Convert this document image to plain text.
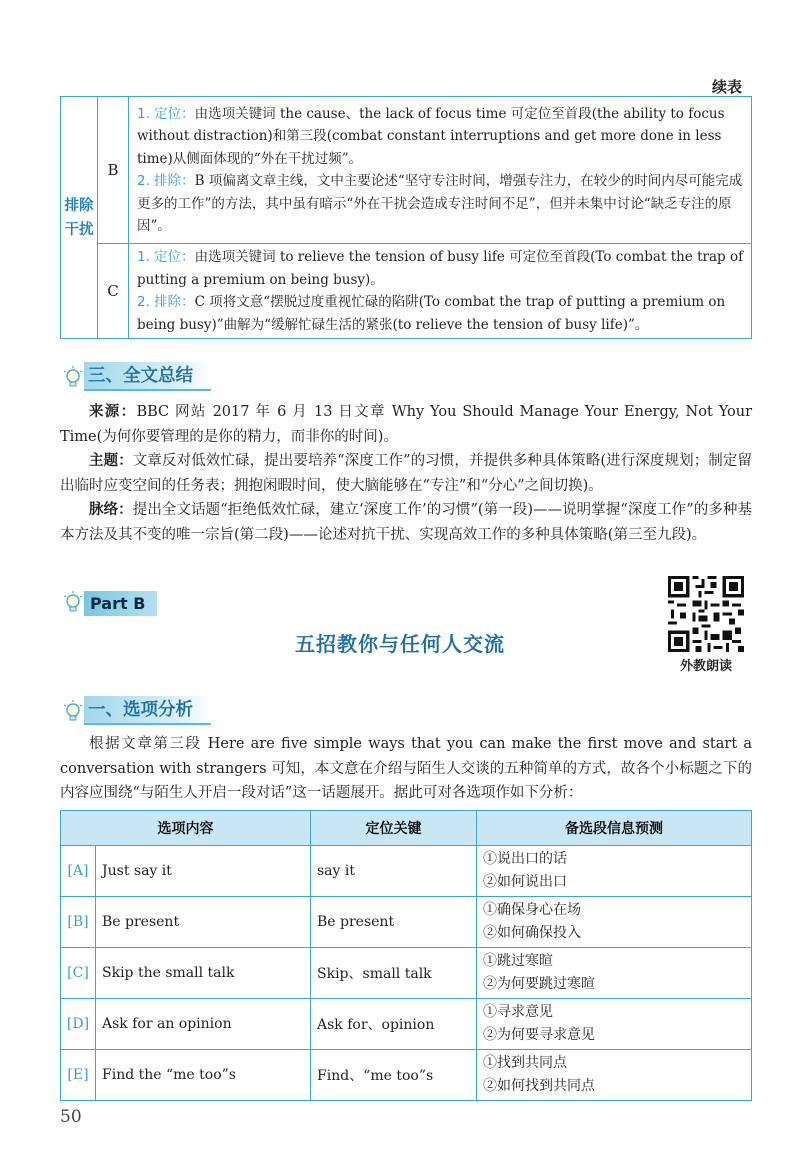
续表
排除
干扰	B	1. 定位：由选项关键词 the cause、the lack of focus time 可定位至首段(the ability to focus without distraction)和第三段(combat constant interruptions and get more done in less time)从侧面体现的“外在干扰过频”。
2. 排除：B 项偏离文章主线，文中主要论述“坚守专注时间，增强专注力，在较少的时间内尽可能完成更多的工作”的方法，其中虽有暗示“外在干扰会造成专注时间不足”，但并未集中讨论“缺乏专注的原因”。
	C	1. 定位：由选项关键词 to relieve the tension of busy life 可定位至首段(To combat the trap of putting a premium on being busy)。
2. 排除：C 项将文意“摆脱过度重视忙碌的陷阱(To combat the trap of putting a premium on being busy)”曲解为“缓解忙碌生活的紧张(to relieve the tension of busy life)”。
三、全文总结
来源：BBC 网站 2017 年 6 月 13 日文章 Why You Should Manage Your Energy, Not Your Time(为何你要管理的是你的精力，而非你的时间)。
主题：文章反对低效忙碌，提出要培养“深度工作”的习惯，并提供多种具体策略(进行深度规划；制定留出临时应变空间的任务表；拥抱闲暇时间，使大脑能够在“专注”和“分心”之间切换)。
脉络：提出全文话题“拒绝低效忙碌，建立‘深度工作’的习惯”(第一段)——说明掌握“深度工作”的多种基本方法及其不变的唯一宗旨(第二段)——论述对抗干扰、实现高效工作的多种具体策略(第三至九段)。
Part B
五招教你与任何人交流
外教朗读
一、选项分析
根据文章第三段 Here are five simple ways that you can make the first move and start a conversation with strangers 可知，本文意在介绍与陌生人交谈的五种简单的方式，故各个小标题之下的内容应围绕“与陌生人开启一段对话”这一话题展开。据此可对各选项作如下分析：
选项内容		定位关键	备选段信息预测
[A]	Just say it	say it	①说出口的话
②如何说出口
[B]	Be present	Be present	①确保身心在场
②如何确保投入
[C]	Skip the small talk	Skip、small talk	①跳过寒暄
②为何要跳过寒暄
[D]	Ask for an opinion	Ask for、opinion	①寻求意见
②为何要寻求意见
[E]	Find the “me too”s	Find、“me too”s	①找到共同点
②如何找到共同点
50
